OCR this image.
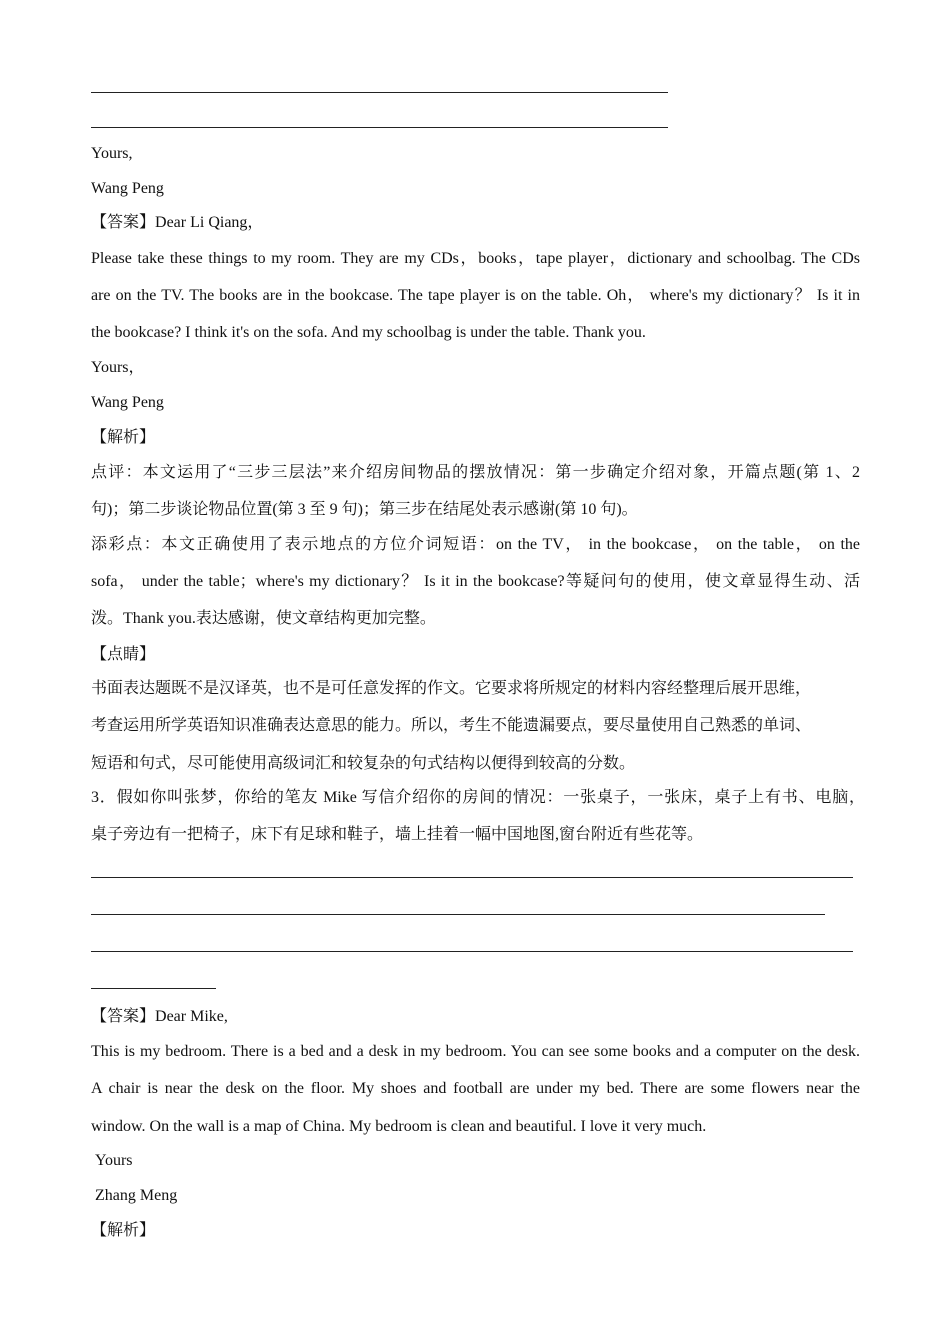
Yours,
Wang Peng
【答案】Dear Li Qiang，
Please take these things to my room. They are my CDs，books，tape player，dictionary and schoolbag. The CDs
are on the TV. The books are in the bookcase. The tape player is on the table. Oh， where's my dictionary？ Is it in
the bookcase? I think it's on the sofa. And my schoolbag is under the table. Thank you.
Yours，
Wang Peng
【解析】
点评：本文运用了“三步三层法”来介绍房间物品的摆放情况：第一步确定介绍对象，开篇点题(第 1、2
句)；第二步谈论物品位置(第 3 至 9 句)；第三步在结尾处表示感谢(第 10 句)。
添彩点：本文正确使用了表示地点的方位介词短语：on the TV， in the bookcase， on the table， on the
sofa， under the table；where's my dictionary？ Is it in the bookcase?等疑问句的使用，使文章显得生动、活
泼。Thank you.表达感谢，使文章结构更加完整。
【点睛】
书面表达题既不是汉译英，也不是可任意发挥的作文。它要求将所规定的材料内容经整理后展开思维，
考查运用所学英语知识准确表达意思的能力。所以，考生不能遗漏要点，要尽量使用自己熟悉的单词、
短语和句式，尽可能使用高级词汇和较复杂的句式结构以便得到较高的分数。
3．假如你叫张梦，你给的笔友 Mike 写信介绍你的房间的情况：一张桌子，一张床，桌子上有书、电脑，
桌子旁边有一把椅子，床下有足球和鞋子，墙上挂着一幅中国地图,窗台附近有些花等。
【答案】Dear Mike,
This is my bedroom. There is a bed and a desk in my bedroom. You can see some books and a computer on the desk.
A chair is near the desk on the floor. My shoes and football are under my bed. There are some flowers near the
window. On the wall is a map of China. My bedroom is clean and beautiful. I love it very much.
Yours
Zhang Meng
【解析】
